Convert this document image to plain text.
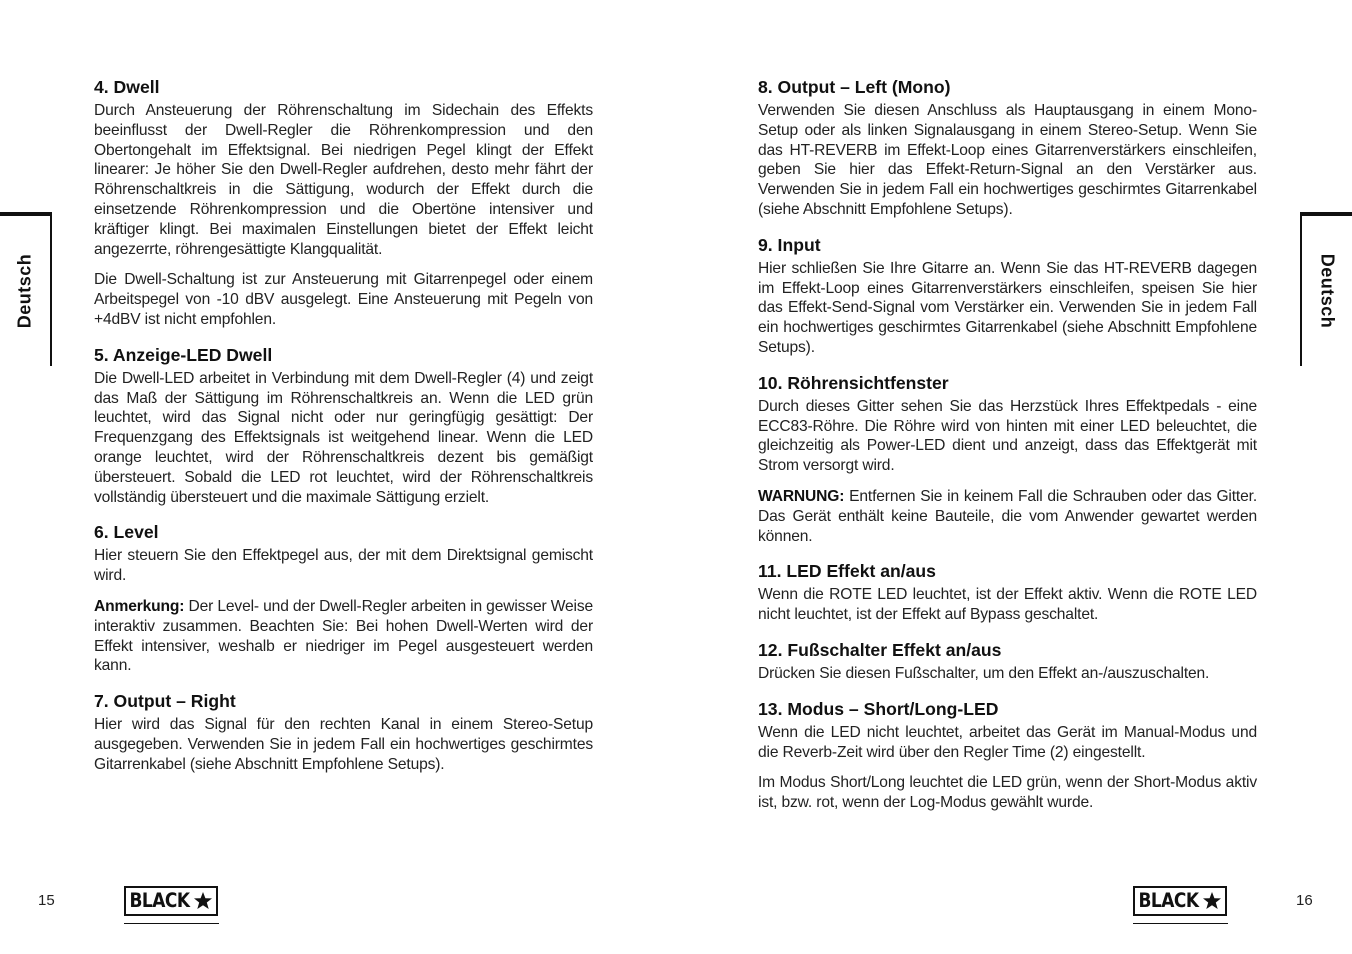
Deutsch
4. Dwell

Durch Ansteuerung der Röhrenschaltung im Sidechain des Effekts beeinflusst der Dwell-Regler die Röhrenkompression und den Obertongehalt im Effektsignal. Bei niedrigen Pegel klingt der Effekt linearer: Je höher Sie den Dwell-Regler aufdrehen, desto mehr fährt der Röhrenschaltkreis in die Sättigung, wodurch der Effekt durch die einsetzende Röhrenkompression und die Obertöne intensiver und kräftiger klingt. Bei maximalen Einstellungen bietet der Effekt leicht angezerrte, röhrengesättigte Klangqualität.

Die Dwell-Schaltung ist zur Ansteuerung mit Gitarrenpegel oder einem Arbeitspegel von -10 dBV ausgelegt. Eine Ansteuerung mit Pegeln von +4dBV ist nicht empfohlen.

5. Anzeige-LED Dwell

Die Dwell-LED arbeitet in Verbindung mit dem Dwell-Regler (4) und zeigt das Maß der Sättigung im Röhrenschaltkreis an. Wenn die LED grün leuchtet, wird das Signal nicht oder nur geringfügig gesättigt: Der Frequenzgang des Effektsignals ist weitgehend linear. Wenn die LED orange leuchtet, wird der Röhrenschaltkreis dezent bis gemäßigt übersteuert. Sobald die LED rot leuchtet, wird der Röhrenschaltkreis vollständig übersteuert und die maximale Sättigung erzielt.

6. Level

Hier steuern Sie den Effektpegel aus, der mit dem Direktsignal gemischt wird.

Anmerkung: Der Level- und der Dwell-Regler arbeiten in gewisser Weise interaktiv zusammen. Beachten Sie: Bei hohen Dwell-Werten wird der Effekt intensiver, weshalb er niedriger im Pegel ausgesteuert werden kann.

7. Output – Right

Hier wird das Signal für den rechten Kanal in einem Stereo-Setup ausgegeben. Verwenden Sie in jedem Fall ein hochwertiges geschirmtes Gitarrenkabel (siehe Abschnitt Empfohlene Setups).

15	BLACK
8. Output – Left (Mono)

Verwenden Sie diesen Anschluss als Hauptausgang in einem Mono-Setup oder als linken Signalausgang in einem Stereo-Setup. Wenn Sie das HT-REVERB im Effekt-Loop eines Gitarrenverstärkers einschleifen, geben Sie hier das Effekt-Return-Signal an den Verstärker aus. Verwenden Sie in jedem Fall ein hochwertiges geschirmtes Gitarrenkabel (siehe Abschnitt Empfohlene Setups).

9. Input

Hier schließen Sie Ihre Gitarre an. Wenn Sie das HT-REVERB dagegen im Effekt-Loop eines Gitarrenverstärkers einschleifen, speisen Sie hier das Effekt-Send-Signal vom Verstärker ein. Verwenden Sie in jedem Fall ein hochwertiges geschirmtes Gitarrenkabel (siehe Abschnitt Empfohlene Setups).

10. Röhrensichtfenster

Durch dieses Gitter sehen Sie das Herzstück Ihres Effektpedals - eine ECC83-Röhre. Die Röhre wird von hinten mit einer LED beleuchtet, die gleichzeitig als Power-LED dient und anzeigt, dass das Effektgerät mit Strom versorgt wird.

WARNUNG: Entfernen Sie in keinem Fall die Schrauben oder das Gitter. Das Gerät enthält keine Bauteile, die vom Anwender gewartet werden können.

11. LED Effekt an/aus

Wenn die ROTE LED leuchtet, ist der Effekt aktiv. Wenn die ROTE LED nicht leuchtet, ist der Effekt auf Bypass geschaltet.

12. Fußschalter Effekt an/aus

Drücken Sie diesen Fußschalter, um den Effekt an-/auszuschalten.

13. Modus – Short/Long-LED

Wenn die LED nicht leuchtet, arbeitet das Gerät im Manual-Modus und die Reverb-Zeit wird über den Regler Time (2) eingestellt.

Im Modus Short/Long leuchtet die LED grün, wenn der Short-Modus aktiv ist, bzw. rot, wenn der Log-Modus gewählt wurde.

Deutsch
BLACK	16
